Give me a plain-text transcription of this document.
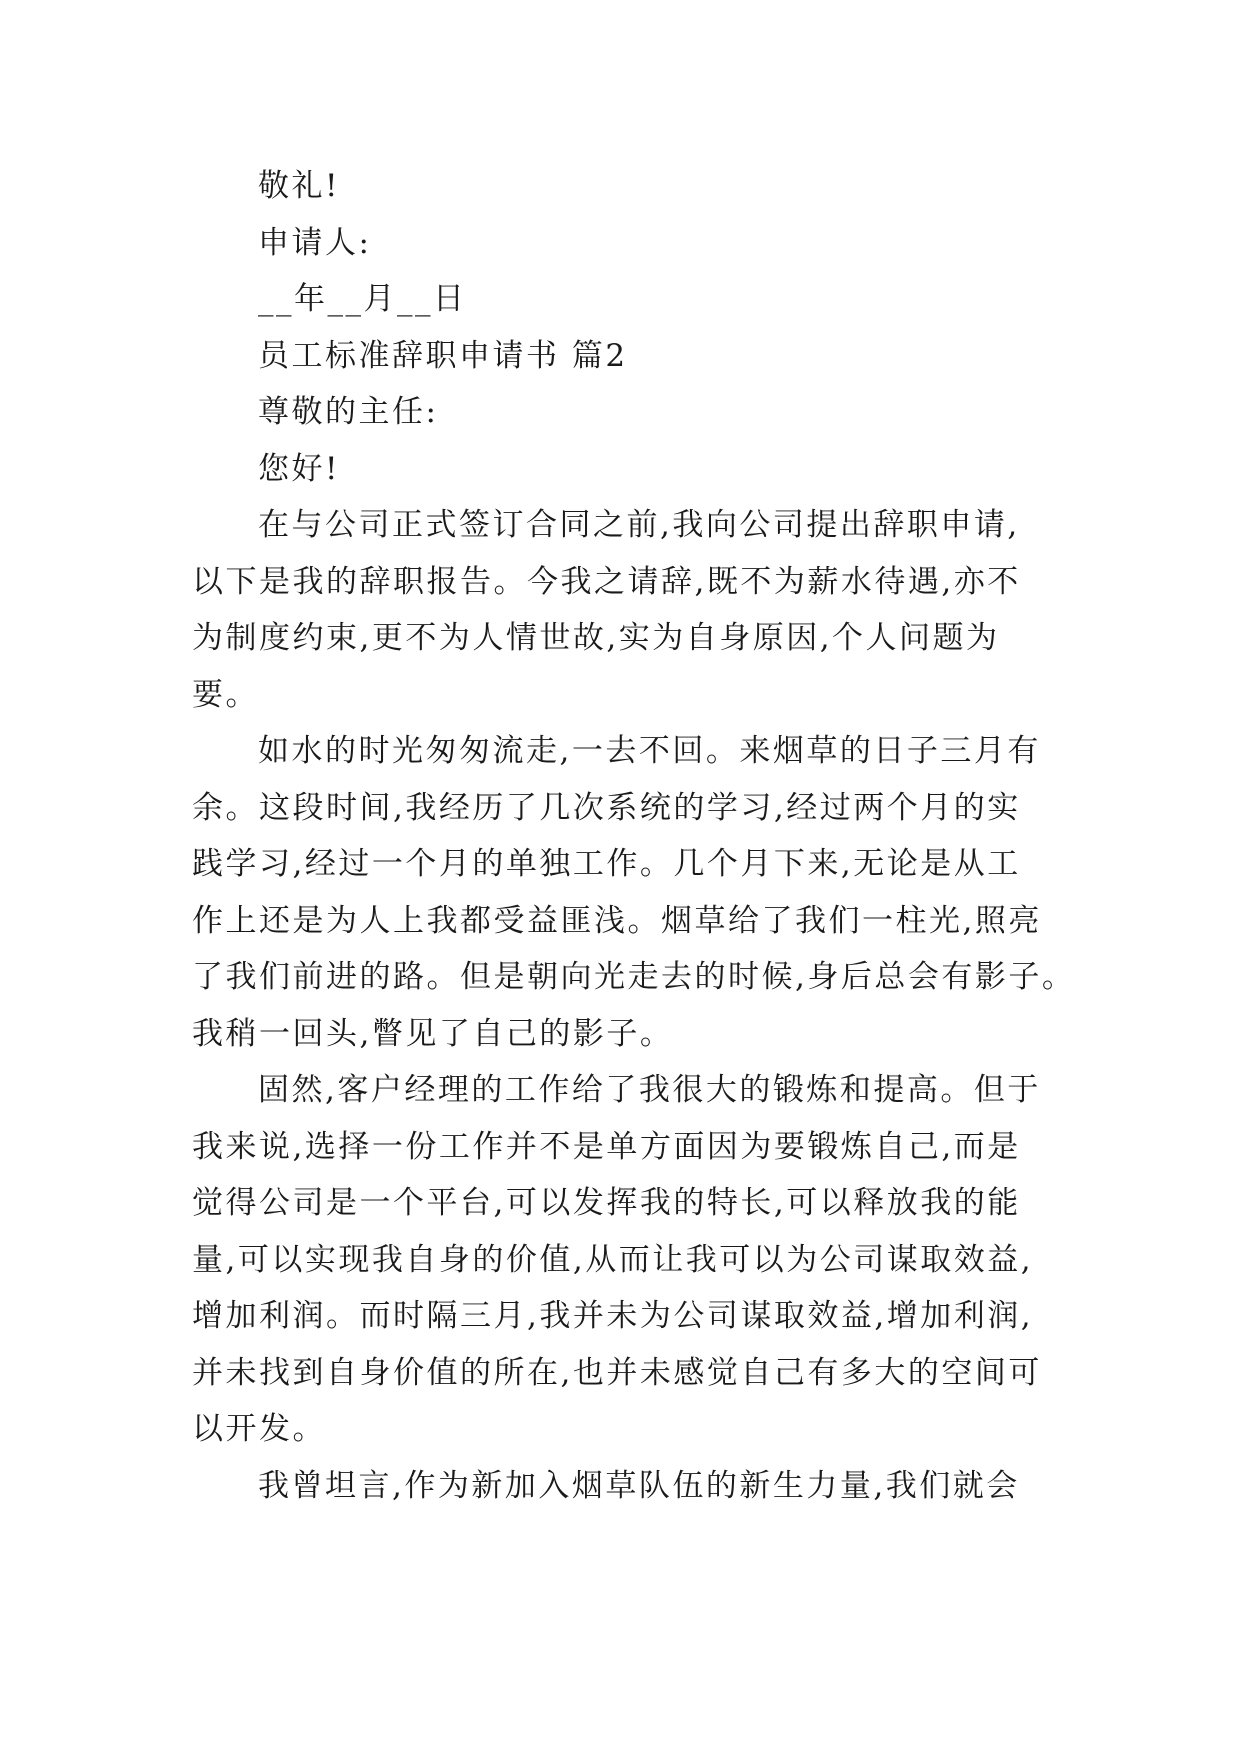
敬礼!
申请人:
__年__月__日
员工标准辞职申请书 篇2
尊敬的主任:
您好!
在与公司正式签订合同之前,我向公司提出辞职申请,
以下是我的辞职报告。今我之请辞,既不为薪水待遇,亦不
为制度约束,更不为人情世故,实为自身原因,个人问题为
要。
如水的时光匆匆流走,一去不回。来烟草的日子三月有
余。这段时间,我经历了几次系统的学习,经过两个月的实
践学习,经过一个月的单独工作。几个月下来,无论是从工
作上还是为人上我都受益匪浅。烟草给了我们一柱光,照亮
了我们前进的路。但是朝向光走去的时候,身后总会有影子。
我稍一回头,瞥见了自己的影子。
固然,客户经理的工作给了我很大的锻炼和提高。但于
我来说,选择一份工作并不是单方面因为要锻炼自己,而是
觉得公司是一个平台,可以发挥我的特长,可以释放我的能
量,可以实现我自身的价值,从而让我可以为公司谋取效益,
增加利润。而时隔三月,我并未为公司谋取效益,增加利润,
并未找到自身价值的所在,也并未感觉自己有多大的空间可
以开发。
我曾坦言,作为新加入烟草队伍的新生力量,我们就会
